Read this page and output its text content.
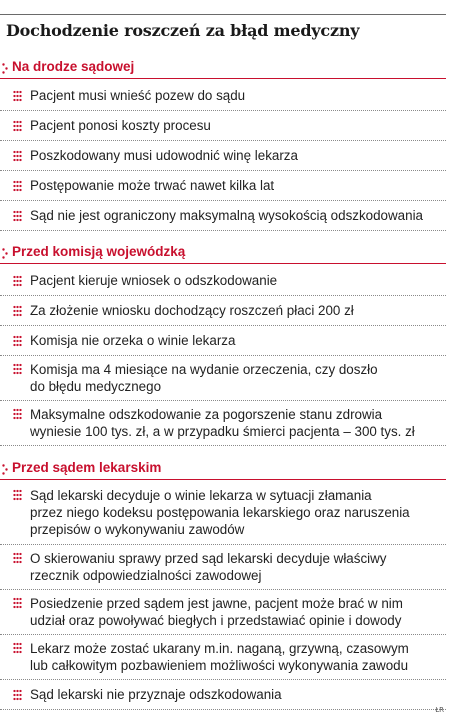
Dochodzenie roszczeń za błąd medyczny
Na drodze sądowej
Pacjent musi wnieść pozew do sądu
Pacjent ponosi koszty procesu
Poszkodowany musi udowodnić winę lekarza
Postępowanie może trwać nawet kilka lat
Sąd nie jest ograniczony maksymalną wysokością odszkodowania
Przed komisją wojewódzką
Pacjent kieruje wniosek o odszkodowanie
Za złożenie wniosku dochodzący roszczeń płaci 200 zł
Komisja nie orzeka o winie lekarza
Komisja ma 4 miesiące na wydanie orzeczenia, czy doszło
do błędu medycznego
Maksymalne odszkodowanie za pogorszenie stanu zdrowia
wyniesie 100 tys. zł, a w przypadku śmierci pacjenta – 300 tys. zł
Przed sądem lekarskim
Sąd lekarski decyduje o winie lekarza w sytuacji złamania
przez niego kodeksu postępowania lekarskiego oraz naruszenia
przepisów o wykonywaniu zawodów
O skierowaniu sprawy przed sąd lekarski decyduje właściwy
rzecznik odpowiedzialności zawodowej
Posiedzenie przed sądem jest jawne, pacjent może brać w nim
udział oraz powoływać biegłych i przedstawiać opinie i dowody
Lekarz może zostać ukarany m.in. naganą, grzywną, czasowym
lub całkowitym pozbawieniem możliwości wykonywania zawodu
Sąd lekarski nie przyznaje odszkodowania
ŁR
